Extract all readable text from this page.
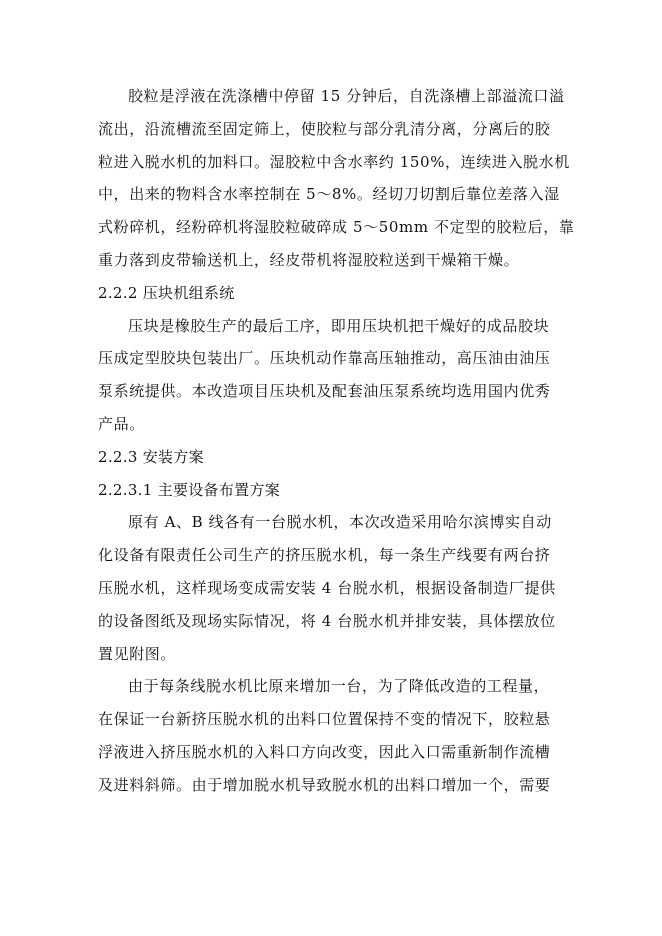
胶粒是浮液在洗涤槽中停留 15 分钟后，自洗涤槽上部溢流口溢
流出，沿流槽流至固定筛上，使胶粒与部分乳清分离，分离后的胶
粒进入脱水机的加料口。湿胶粒中含水率约 150%，连续进入脱水机
中，出来的物料含水率控制在 5～8%。经切刀切割后靠位差落入湿
式粉碎机，经粉碎机将湿胶粒破碎成 5～50mm 不定型的胶粒后，靠
重力落到皮带输送机上，经皮带机将湿胶粒送到干燥箱干燥。

2.2.2 压块机组系统

压块是橡胶生产的最后工序，即用压块机把干燥好的成品胶块
压成定型胶块包装出厂。压块机动作靠高压轴推动，高压油由油压
泵系统提供。本改造项目压块机及配套油压泵系统均选用国内优秀
产品。

2.2.3 安装方案

2.2.3.1 主要设备布置方案

原有 A、B 线各有一台脱水机，本次改造采用哈尔滨博实自动
化设备有限责任公司生产的挤压脱水机，每一条生产线要有两台挤
压脱水机，这样现场变成需安装 4 台脱水机，根据设备制造厂提供
的设备图纸及现场实际情况，将 4 台脱水机并排安装，具体摆放位
置见附图。

由于每条线脱水机比原来增加一台，为了降低改造的工程量，
在保证一台新挤压脱水机的出料口位置保持不变的情况下，胶粒悬
浮液进入挤压脱水机的入料口方向改变，因此入口需重新制作流槽
及进料斜筛。由于增加脱水机导致脱水机的出料口增加一个，需要
